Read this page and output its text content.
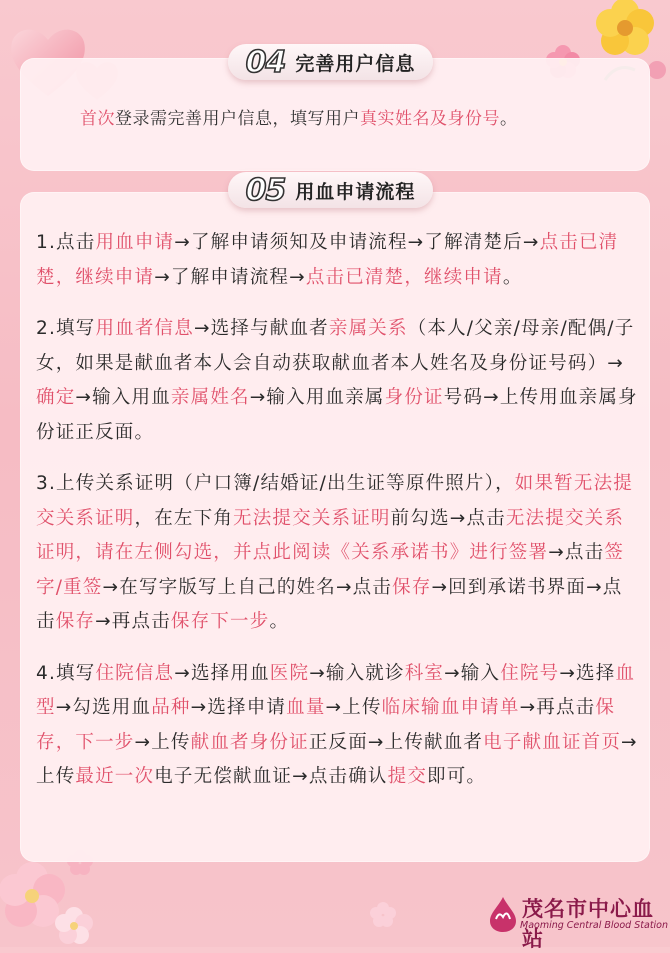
04 完善用户信息
首次登录需完善用户信息，填写用户真实姓名及身份号。
05 用血申请流程

1.点击用血申请→了解申请须知及申请流程→了解清楚后→点击已清楚，继续申请→了解申请流程→点击已清楚，继续申请。

2.填写用血者信息→选择与献血者亲属关系（本人/父亲/母亲/配偶/子女，如果是献血者本人会自动获取献血者本人姓名及身份证号码）→确定→输入用血亲属姓名→输入用血亲属身份证号码→上传用血亲属身份证正反面。

3.上传关系证明（户口簿/结婚证/出生证等原件照片），如果暂无法提交关系证明，在左下角无法提交关系证明前勾选→点击无法提交关系证明，请在左侧勾选，并点此阅读《关系承诺书》进行签署→点击签字/重签→在写字版写上自己的姓名→点击保存→回到承诺书界面→点击保存→再点击保存下一步。

4.填写住院信息→选择用血医院→输入就诊科室→输入住院号→选择血型→勾选用血品种→选择申请血量→上传临床输血申请单→再点击保存，下一步→上传献血者身份证正反面→上传献血者电子献血证首页→上传最近一次电子无偿献血证→点击确认提交即可。

茂名市中心血站
Maoming Central Blood Station
